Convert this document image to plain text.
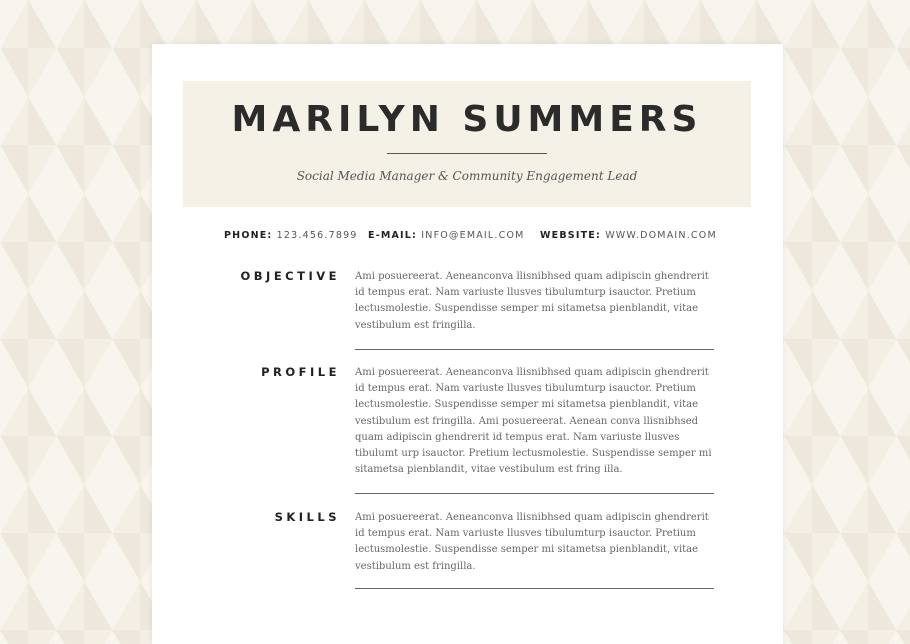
MARILYN SUMMERS
Social Media Manager & Community Engagement Lead
PHONE: 123.456.7899 E-MAIL: INFO@EMAIL.COM WEBSITE: WWW.DOMAIN.COM
OBJECTIVE Ami posuereerat. Aeneanconva llisnibhsed quam adipiscin ghendrerit id tempus erat. Nam variuste llusves tibulumturp isauctor. Pretium lectusmolestie. Suspendisse semper mi sitametsa pienblandit, vitae vestibulum est fringilla.
PROFILE Ami posuereerat. Aeneanconva llisnibhsed quam adipiscin ghendrerit id tempus erat. Nam variuste llusves tibulumturp isauctor. Pretium lectusmolestie. Suspendisse semper mi sitametsa pienblandit, vitae vestibulum est fringilla. Ami posuereerat. Aenean conva llisnibhsed quam adipiscin ghendrerit id tempus erat. Nam variuste llusves tibulumt urp isauctor. Pretium lectusmolestie. Suspendisse semper mi sitametsa pienblandit, vitae vestibulum est fring illa.
SKILLS Ami posuereerat. Aeneanconva llisnibhsed quam adipiscin ghendrerit id tempus erat. Nam variuste llusves tibulumturp isauctor. Pretium lectusmolestie. Suspendisse semper mi sitametsa pienblandit, vitae vestibulum est fringilla.
